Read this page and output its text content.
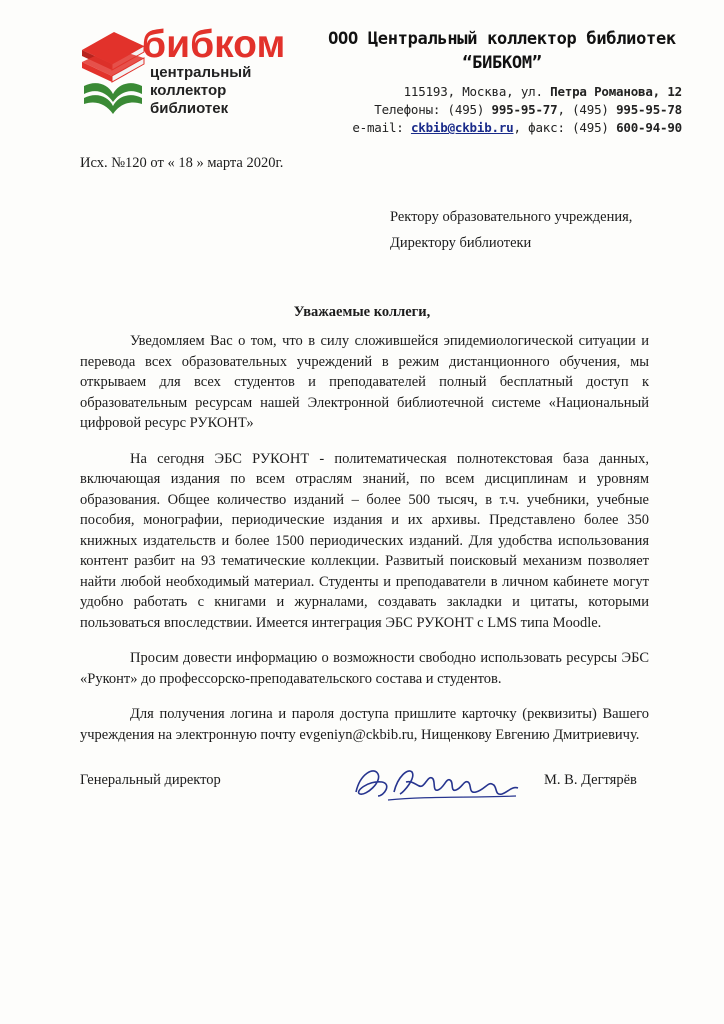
бибком
центральный
коллектор
библиотек
ООО Центральный коллектор библиотек
“БИБКОМ”
115193, Москва, ул. Петра Романова, 12
Телефоны: (495) 995-95-77, (495) 995-95-78
e-mail: ckbib@ckbib.ru, факс: (495) 600-94-90
Исх. №120 от « 18 » марта 2020г.
Ректору образовательного учреждения,
Директору библиотеки
Уважаемые коллеги,

Уведомляем Вас о том, что в силу сложившейся эпидемиологической ситуации и перевода всех образовательных учреждений в режим дистанционного обучения, мы открываем для всех студентов и преподавателей полный бесплатный доступ к образовательным ресурсам нашей Электронной библиотечной системе «Национальный цифровой ресурс РУКОНТ»

На сегодня ЭБС РУКОНТ - политематическая полнотекстовая база данных, включающая издания по всем отраслям знаний, по всем дисциплинам и уровням образования. Общее количество изданий – более 500 тысяч, в т.ч. учебники, учебные пособия, монографии, периодические издания и их архивы. Представлено более 350 книжных издательств и более 1500 периодических изданий. Для удобства использования контент разбит на 93 тематические коллекции. Развитый поисковый механизм позволяет найти любой необходимый материал. Студенты и преподаватели в личном кабинете могут удобно работать с книгами и журналами, создавать закладки и цитаты, которыми пользоваться впоследствии. Имеется интеграция ЭБС РУКОНТ с LMS типа Moodle.

Просим довести информацию о возможности свободно использовать ресурсы ЭБС «Руконт» до профессорско-преподавательского состава и студентов.

Для получения логина и пароля доступа пришлите карточку (реквизиты) Вашего учреждения на электронную почту evgeniyn@ckbib.ru, Нищенкову Евгению Дмитриевичу.

Генеральный директор	М. В. Дегтярёв
